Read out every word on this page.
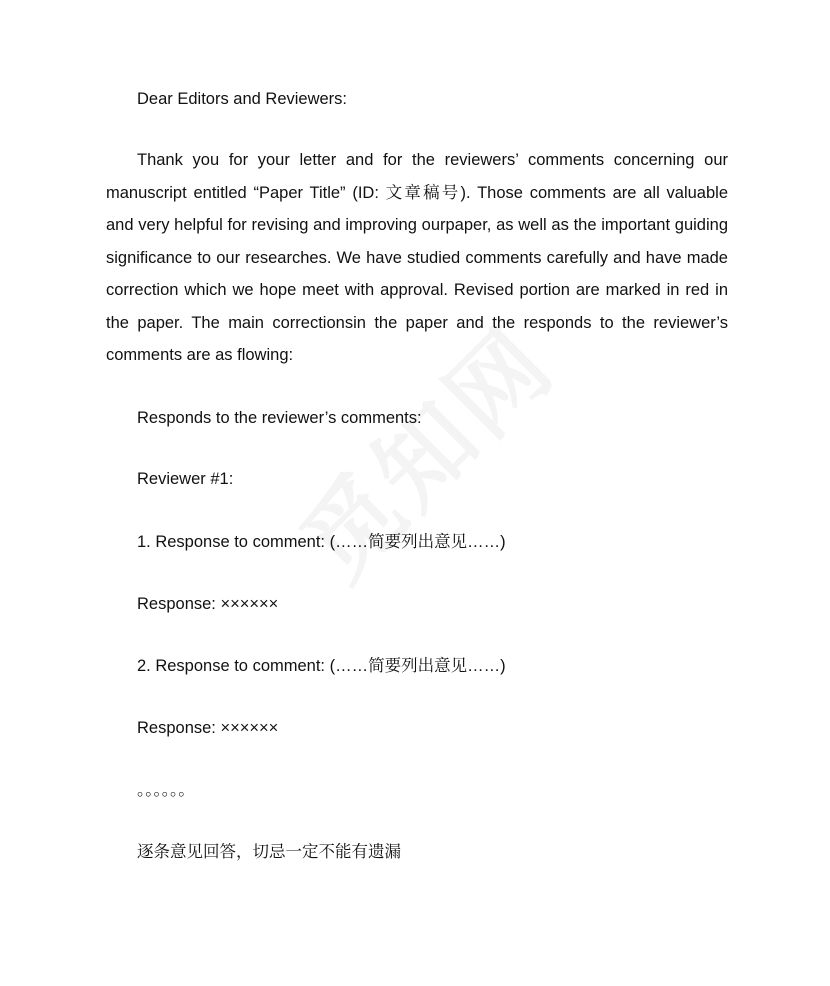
Dear Editors and Reviewers:

Thank you for your letter and for the reviewers’ comments concerning our manuscript entitled “Paper Title” (ID: 文章稿号). Those comments are all valuable and very helpful for revising and improving ourpaper, as well as the important guiding significance to our researches. We have studied comments carefully and have made correction which we hope meet with approval. Revised portion are marked in red in the paper. The main correctionsin the paper and the responds to the reviewer’s comments are as flowing:

Responds to the reviewer’s comments:

Reviewer #1:

1. Response to comment: (……简要列出意见……)

Response: ××××××

2. Response to comment: (……简要列出意见……)

Response: ××××××

。。。。。。

逐条意见回答，切忌一定不能有遗漏
